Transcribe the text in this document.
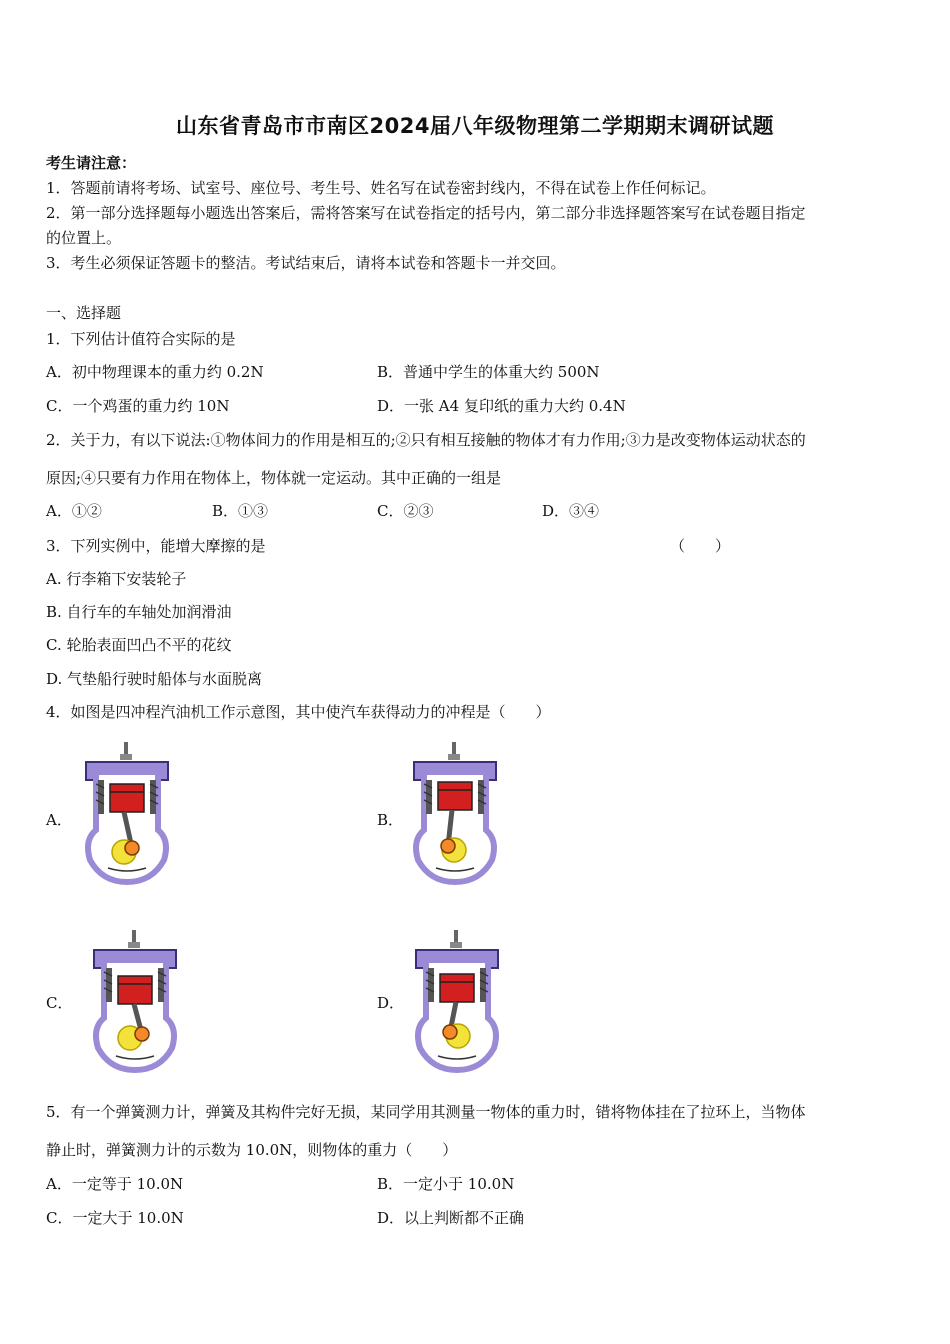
山东省青岛市市南区2024届八年级物理第二学期期末调研试题
考生请注意：
1．答题前请将考场、试室号、座位号、考生号、姓名写在试卷密封线内，不得在试卷上作任何标记。
2．第一部分选择题每小题选出答案后，需将答案写在试卷指定的括号内，第二部分非选择题答案写在试卷题目指定
的位置上。
3．考生必须保证答题卡的整洁。考试结束后，请将本试卷和答题卡一并交回。
一、选择题
1．下列估计值符合实际的是
A．初中物理课本的重力约 0.2N	B．普通中学生的体重大约 500N
C．一个鸡蛋的重力约 10N	D．一张 A4 复印纸的重力大约 0.4N
2．关于力，有以下说法:①物体间力的作用是相互的;②只有相互接触的物体才有力作用;③力是改变物体运动状态的
原因;④只要有力作用在物体上，物体就一定运动。其中正确的一组是
A．①②	B．①③	C．②③	D．③④
3．下列实例中，能增大摩擦的是	（　　）
A. 行李箱下安装轮子
B. 自行车的车轴处加润滑油
C. 轮胎表面凹凸不平的花纹
D. 气垫船行驶时船体与水面脱离
4．如图是四冲程汽油机工作示意图，其中使汽车获得动力的冲程是（　　）
A．	B．
C．	D．
5．有一个弹簧测力计，弹簧及其构件完好无损，某同学用其测量一物体的重力时，错将物体挂在了拉环上，当物体
静止时，弹簧测力计的示数为 10.0N，则物体的重力（　　）
A．一定等于 10.0N	B．一定小于 10.0N
C．一定大于 10.0N	D．以上判断都不正确
